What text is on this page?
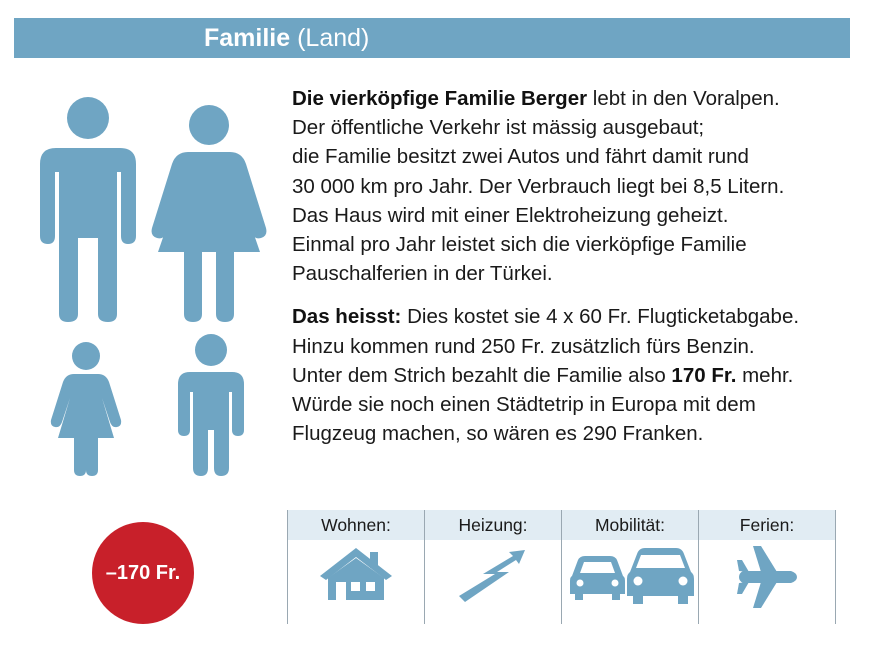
Familie (Land)

Die vierköpfige Familie Berger lebt in den Voralpen.

Der öffentliche Verkehr ist mässig ausgebaut;

die Familie besitzt zwei Autos und fährt damit rund

30 000 km pro Jahr. Der Verbrauch liegt bei 8,5 Litern.

Das Haus wird mit einer Elektroheizung geheizt.

Einmal pro Jahr leistet sich die vierköpfige Familie

Pauschalferien in der Türkei.

Das heisst: Dies kostet sie 4 x 60 Fr. Flugticketabgabe.

Hinzu kommen rund 250 Fr. zusätzlich fürs Benzin.

Unter dem Strich bezahlt die Familie also 170 Fr. mehr.

Würde sie noch einen Städtetrip in Europa mit dem

Flugzeug machen, so wären es 290 Franken.

–170 Fr.
Wohnen:	Heizung:	Mobilität:	Ferien:
